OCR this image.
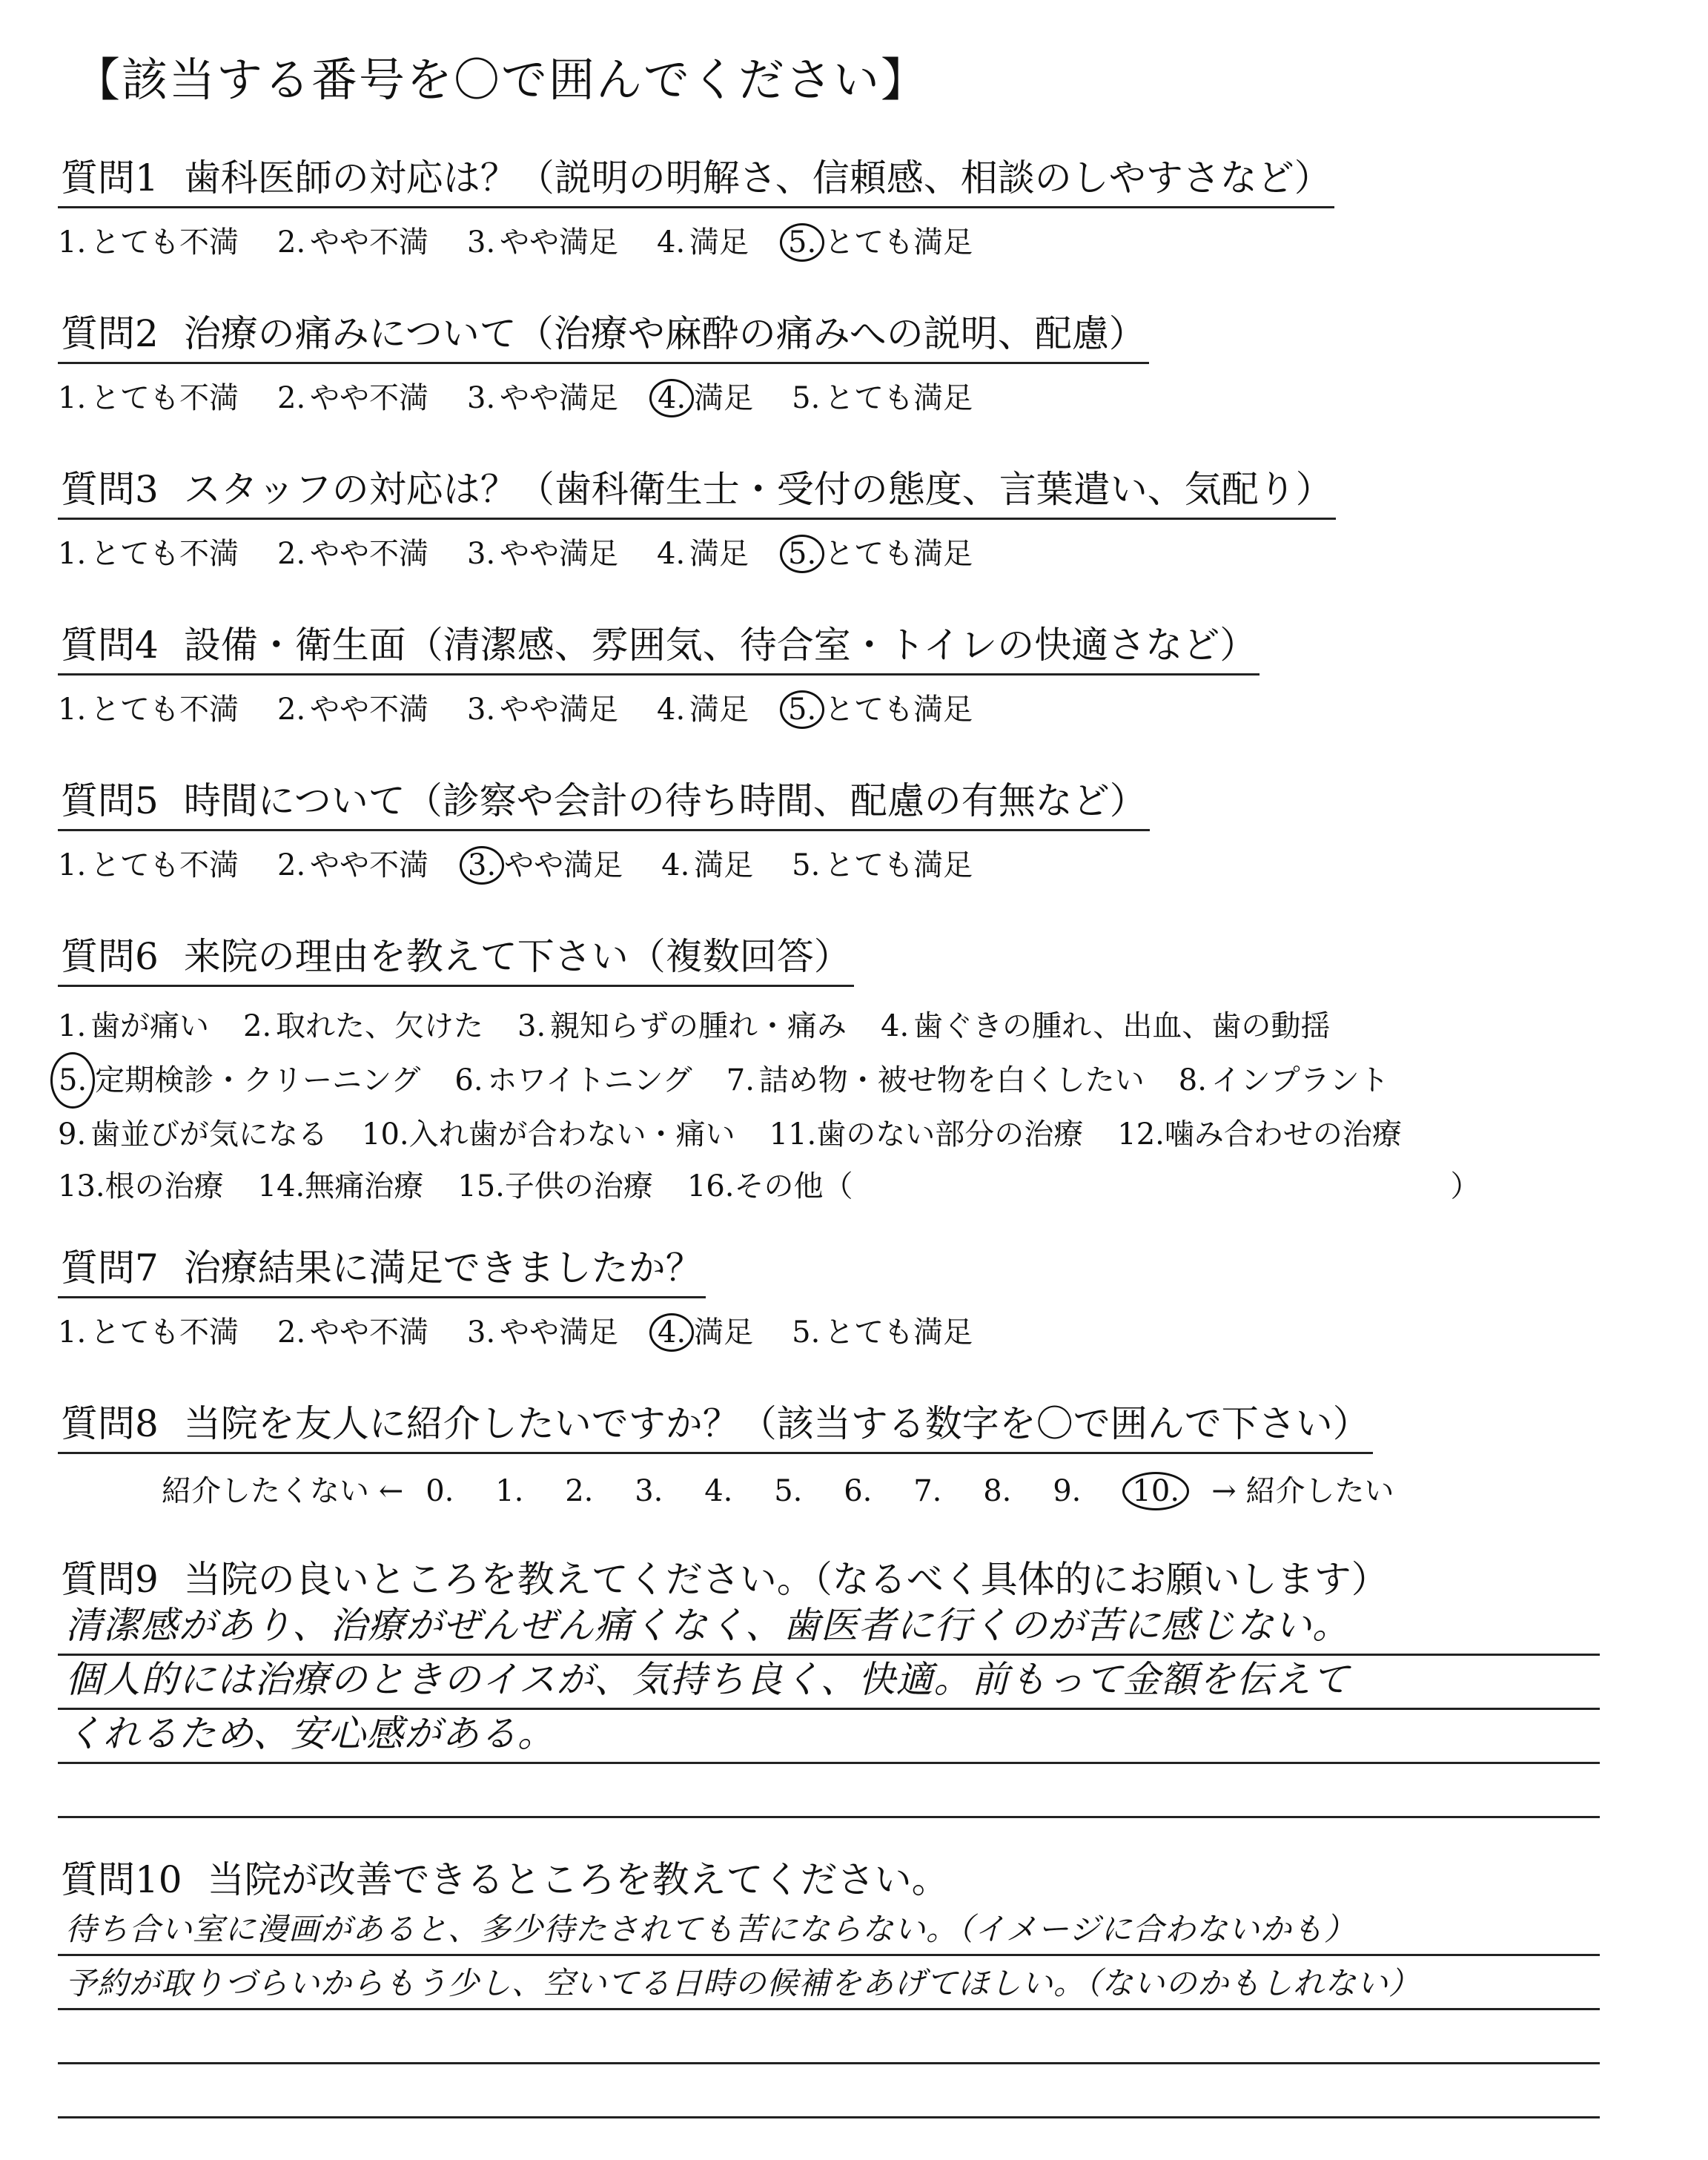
【該当する番号を〇で囲んでください】
質問1 歯科医師の対応は？（説明の明解さ、信頼感、相談のしやすさなど）
1. とても不満 2. やや不満 3. やや満足 4. 満足 5. とても満足
質問2 治療の痛みについて（治療や麻酔の痛みへの説明、配慮）
1. とても不満 2. やや不満 3. やや満足 4. 満足 5. とても満足
質問3 スタッフの対応は？（歯科衛生士・受付の態度、言葉遣い、気配り）
1. とても不満 2. やや不満 3. やや満足 4. 満足 5. とても満足
質問4 設備・衛生面（清潔感、雰囲気、待合室・トイレの快適さなど）
1. とても不満 2. やや不満 3. やや満足 4. 満足 5. とても満足
質問5 時間について（診察や会計の待ち時間、配慮の有無など）
1. とても不満 2. やや不満 3. やや満足 4. 満足 5. とても満足
質問6 来院の理由を教えて下さい（複数回答）
1. 歯が痛い 2. 取れた、欠けた 3. 親知らずの腫れ・痛み 4. 歯ぐきの腫れ、出血、歯の動揺
5. 定期検診・クリーニング 6. ホワイトニング 7. 詰め物・被せ物を白くしたい 8. インプラント
9. 歯並びが気になる 10.入れ歯が合わない・痛い 11.歯のない部分の治療 12.噛み合わせの治療
13.根の治療 14.無痛治療 15.子供の治療 16.その他（	）
質問7 治療結果に満足できましたか？
1. とても不満 2. やや不満 3. やや満足 4. 満足 5. とても満足
質問8 当院を友人に紹介したいですか？（該当する数字を〇で囲んで下さい）
紹介したくない ← 0. 1. 2. 3. 4. 5. 6. 7. 8. 9. 10. → 紹介したい
質問9 当院の良いところを教えてください。（なるべく具体的にお願いします）
清潔感があり、治療がぜんぜん痛くなく、歯医者に行くのが苦に感じない。
個人的には治療のときのイスが、気持ち良く、快適。前もって金額を伝えて
くれるため、安心感がある。
質問10 当院が改善できるところを教えてください。
待ち合い室に漫画があると、多少待たされても苦にならない。（イメージに合わないかも）
予約が取りづらいからもう少し、空いてる日時の候補をあげてほしい。（ないのかもしれない）
